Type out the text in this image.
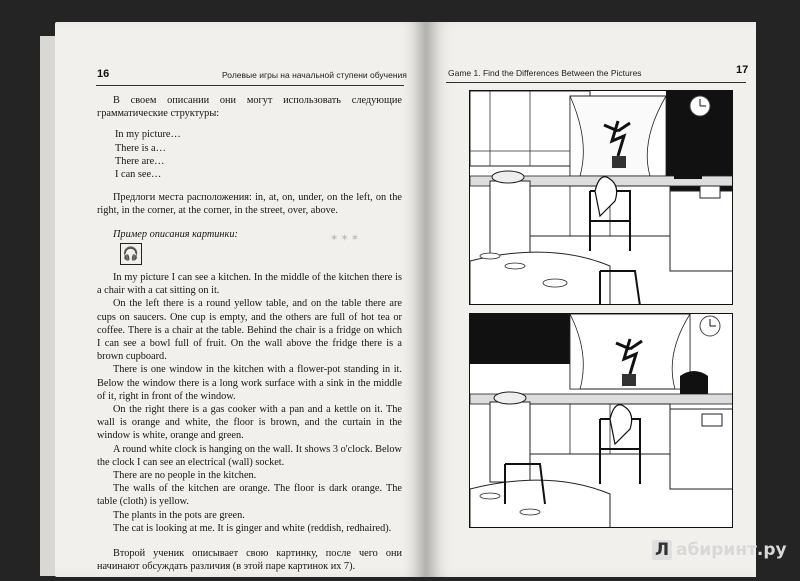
16	Ролевые игры на начальной ступени обучения

В своем описании они могут использовать следующие грамматические структуры:

In my picture…

There is a…

There are…

I can see…

Предлоги места расположения: in, at, on, under, on the left, on the right, in the corner, at the corner, in the street, over, above.

Пример описания картинки:

🎧
✶✶✶

In my picture I can see a kitchen. In the middle of the kitchen there is a chair with a cat sitting on it.

On the left there is a round yellow table, and on the table there are cups on saucers. One cup is empty, and the others are full of hot tea or coffee. There is a chair at the table. Behind the chair is a fridge on which I can see a bowl full of fruit. On the wall above the fridge there is a brown cupboard.

There is one window in the kitchen with a flower-pot standing in it. Below the window there is a long work surface with a sink in the middle of it, right in front of the window.

On the right there is a gas cooker with a pan and a kettle on it. The wall is orange and white, the floor is brown, and the curtain in the window is white, orange and green.

A round white clock is hanging on the wall. It shows 3 o'clock. Below the clock I can see an electrical (wall) socket.

There are no people in the kitchen.

The walls of the kitchen are orange. The floor is dark orange. The table (cloth) is yellow.

The plants in the pots are green.

The cat is looking at me. It is ginger and white (reddish, redhaired).

Второй ученик описывает свою картинку, после чего они начинают обсуждать различия (в этой паре картинок их 7).

Game 1. Find the Differences Between the Pictures	17
Л абиринт.ру
